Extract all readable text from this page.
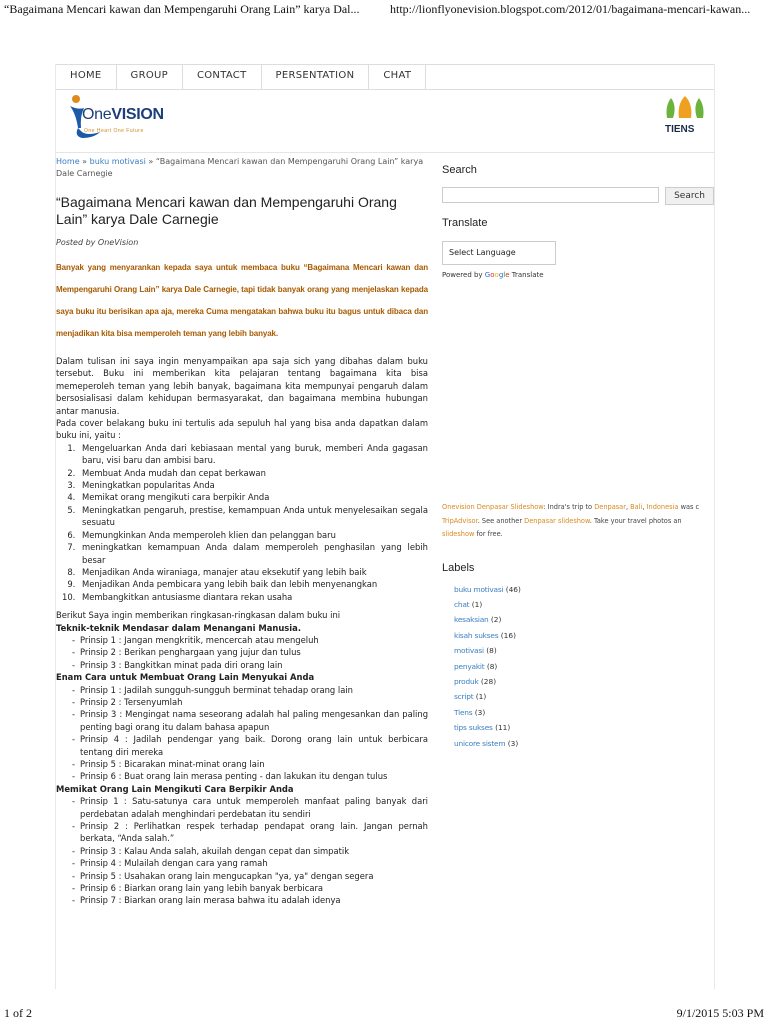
“Bagaimana Mencari kawan dan Mempengaruhi Orang Lain” karya Dal...	http://lionflyonevision.blogspot.com/2012/01/bagaimana-mencari-kawan...
HOME	GROUP	CONTACT	PERSENTATION	CHAT
OneVISION
One Heart One Future	TIENS
Home » buku motivasi » “Bagaimana Mencari kawan dan Mempengaruhi Orang Lain” karya Dale Carnegie
“Bagaimana Mencari kawan dan Mempengaruhi Orang Lain” karya Dale Carnegie
Posted by OneVision
Banyak yang menyarankan kepada saya untuk membaca buku “Bagaimana Mencari kawan dan Mempengaruhi Orang Lain” karya Dale Carnegie, tapi tidak banyak orang yang menjelaskan kepada saya buku itu berisikan apa aja, mereka Cuma mengatakan bahwa buku itu bagus untuk dibaca dan menjadikan kita bisa memperoleh teman yang lebih banyak.

Dalam tulisan ini saya ingin menyampaikan apa saja sich yang dibahas dalam buku tersebut. Buku ini memberikan kita pelajaran tentang bagaimana kita bisa memeperoleh teman yang lebih banyak, bagaimana kita mempunyai pengaruh dalam bersosialisasi dalam kehidupan bermasyarakat, dan bagaimana membina hubungan antar manusia.

Pada cover belakang buku ini tertulis ada sepuluh hal yang bisa anda dapatkan dalam buku ini, yaitu :

1. Mengeluarkan Anda dari kebiasaan mental yang buruk, memberi Anda gagasan baru, visi baru dan ambisi baru.
2. Membuat Anda mudah dan cepat berkawan
3. Meningkatkan popularitas Anda
4. Memikat orang mengikuti cara berpikir Anda
5. Meningkatkan pengaruh, prestise, kemampuan Anda untuk menyelesaikan segala sesuatu
6. Memungkinkan Anda memperoleh klien dan pelanggan baru
7. meningkatkan kemampuan Anda dalam memperoleh penghasilan yang lebih besar
8. Menjadikan Anda wiraniaga, manajer atau eksekutif yang lebih baik
9. Menjadikan Anda pembicara yang lebih baik dan lebih menyenangkan
10. Membangkitkan antusiasme diantara rekan usaha

Berikut Saya ingin memberikan ringkasan-ringkasan dalam buku ini

Teknik-teknik Mendasar dalam Menangani Manusia.
- Prinsip 1 : Jangan mengkritik, mencercah atau mengeluh
- Prinsip 2 : Berikan penghargaan yang jujur dan tulus
- Prinsip 3 : Bangkitkan minat pada diri orang lain
Enam Cara untuk Membuat Orang Lain Menyukai Anda
- Prinsip 1 : Jadilah sungguh-sungguh berminat tehadap orang lain
- Prinsip 2 : Tersenyumlah
- Prinsip 3 : Mengingat nama seseorang adalah hal paling mengesankan dan paling penting bagi orang itu dalam bahasa apapun
- Prinsip 4 : Jadilah pendengar yang baik. Dorong orang lain untuk berbicara tentang diri mereka
- Prinsip 5 : Bicarakan minat-minat orang lain
- Prinsip 6 : Buat orang lain merasa penting - dan lakukan itu dengan tulus
Memikat Orang Lain Mengikuti Cara Berpikir Anda
- Prinsip 1 : Satu-satunya cara untuk memperoleh manfaat paling banyak dari perdebatan adalah menghindari perdebatan itu sendiri
- Prinsip 2 : Perlihatkan respek terhadap pendapat orang lain. Jangan pernah berkata, “Anda salah.”
- Prinsip 3 : Kalau Anda salah, akuilah dengan cepat dan simpatik
- Prinsip 4 : Mulailah dengan cara yang ramah
- Prinsip 5 : Usahakan orang lain mengucapkan "ya, ya" dengan segera
- Prinsip 6 : Biarkan orang lain yang lebih banyak berbicara
- Prinsip 7 : Biarkan orang lain merasa bahwa itu adalah idenya
Search
Search
Translate
Select Language
Powered by Google Translate
Onevision Denpasar Slideshow: Indra's trip to Denpasar, Bali, Indonesia was c
TripAdvisor. See another Denpasar slideshow. Take your travel photos an
slideshow for free.
Labels
buku motivasi (46)
chat (1)
kesaksian (2)
kisah sukses (16)
motivasi (8)
penyakit (8)
produk (28)
script (1)
Tiens (3)
tips sukses (11)
unicore sistem (3)
1 of 2	9/1/2015 5:03 PM
